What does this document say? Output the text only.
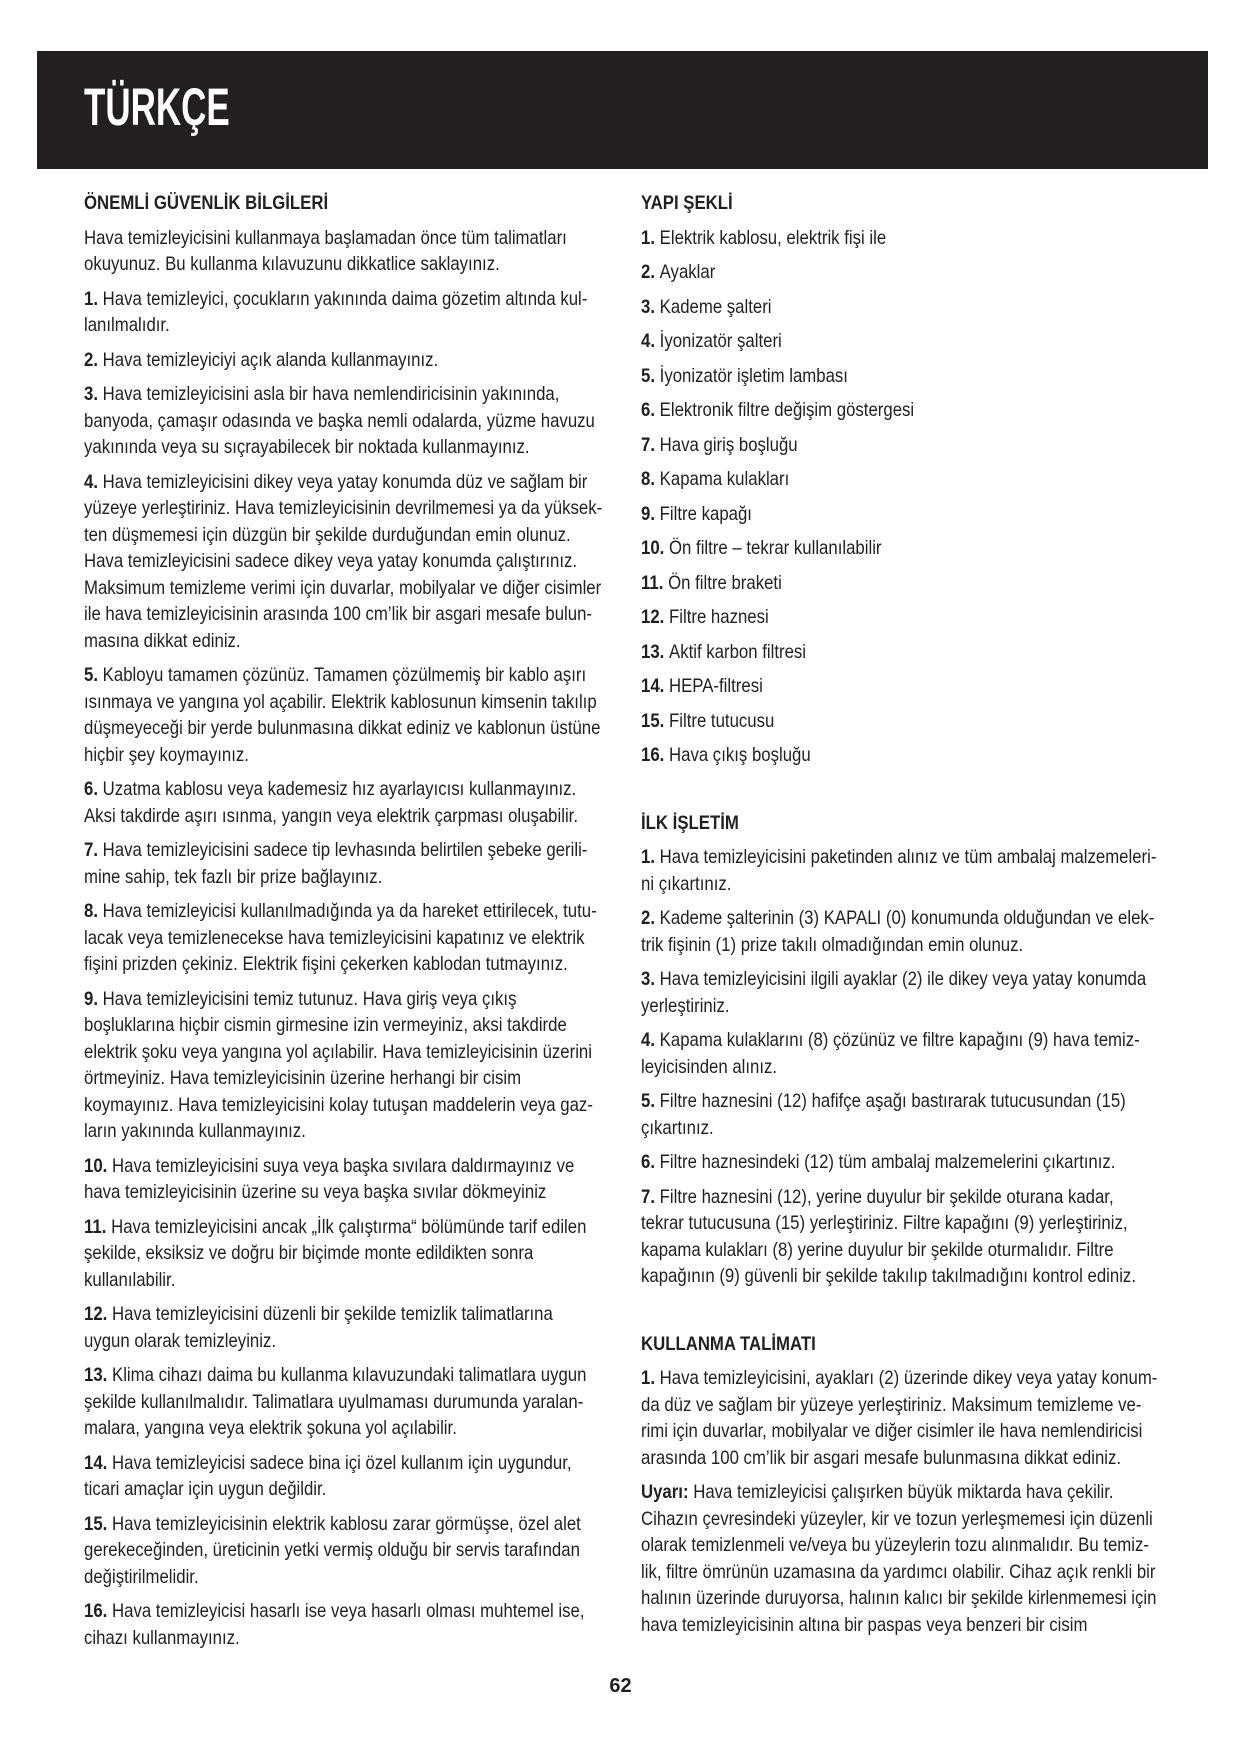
TÜRKÇE
ÖNEMLİ GÜVENLİK BİLGİLERİ
Hava temizleyicisini kullanmaya başlamadan önce tüm talimatları
okuyunuz. Bu kullanma kılavuzunu dikkatlice saklayınız.
1. Hava temizleyici, çocukların yakınında daima gözetim altında kul-
lanılmalıdır.
2. Hava temizleyiciyi açık alanda kullanmayınız.
3. Hava temizleyicisini asla bir hava nemlendiricisinin yakınında,
banyoda, çamaşır odasında ve başka nemli odalarda, yüzme havuzu
yakınında veya su sıçrayabilecek bir noktada kullanmayınız.
4. Hava temizleyicisini dikey veya yatay konumda düz ve sağlam bir
yüzeye yerleştiriniz. Hava temizleyicisinin devrilmemesi ya da yüksek-
ten düşmemesi için düzgün bir şekilde durduğundan emin olunuz.
Hava temizleyicisini sadece dikey veya yatay konumda çalıştırınız.
Maksimum temizleme verimi için duvarlar, mobilyalar ve diğer cisimler
ile hava temizleyicisinin arasında 100 cm’lik bir asgari mesafe bulun-
masına dikkat ediniz.
5. Kabloyu tamamen çözünüz. Tamamen çözülmemiş bir kablo aşırı
ısınmaya ve yangına yol açabilir. Elektrik kablosunun kimsenin takılıp
düşmeyeceği bir yerde bulunmasına dikkat ediniz ve kablonun üstüne
hiçbir şey koymayınız.
6. Uzatma kablosu veya kademesiz hız ayarlayıcısı kullanmayınız.
Aksi takdirde aşırı ısınma, yangın veya elektrik çarpması oluşabilir.
7. Hava temizleyicisini sadece tip levhasında belirtilen şebeke gerili-
mine sahip, tek fazlı bir prize bağlayınız.
8. Hava temizleyicisi kullanılmadığında ya da hareket ettirilecek, tutu-
lacak veya temizlenecekse hava temizleyicisini kapatınız ve elektrik
fişini prizden çekiniz. Elektrik fişini çekerken kablodan tutmayınız.
9. Hava temizleyicisini temiz tutunuz. Hava giriş veya çıkış
boşluklarına hiçbir cismin girmesine izin vermeyiniz, aksi takdirde
elektrik şoku veya yangına yol açılabilir. Hava temizleyicisinin üzerini
örtmeyiniz. Hava temizleyicisinin üzerine herhangi bir cisim
koymayınız. Hava temizleyicisini kolay tutuşan maddelerin veya gaz-
ların yakınında kullanmayınız.
10. Hava temizleyicisini suya veya başka sıvılara daldırmayınız ve
hava temizleyicisinin üzerine su veya başka sıvılar dökmeyiniz
11. Hava temizleyicisini ancak „İlk çalıştırma“ bölümünde tarif edilen
şekilde, eksiksiz ve doğru bir biçimde monte edildikten sonra
kullanılabilir.
12. Hava temizleyicisini düzenli bir şekilde temizlik talimatlarına
uygun olarak temizleyiniz.
13. Klima cihazı daima bu kullanma kılavuzundaki talimatlara uygun
şekilde kullanılmalıdır. Talimatlara uyulmaması durumunda yaralan-
malara, yangına veya elektrik şokuna yol açılabilir.
14. Hava temizleyicisi sadece bina içi özel kullanım için uygundur,
ticari amaçlar için uygun değildir.
15. Hava temizleyicisinin elektrik kablosu zarar görmüşse, özel alet
gerekeceğinden, üreticinin yetki vermiş olduğu bir servis tarafından
değiştirilmelidir.
16. Hava temizleyicisi hasarlı ise veya hasarlı olması muhtemel ise,
cihazı kullanmayınız.
YAPI ŞEKLİ
1. Elektrik kablosu, elektrik fişi ile
2. Ayaklar
3. Kademe şalteri
4. İyonizatör şalteri
5. İyonizatör işletim lambası
6. Elektronik filtre değişim göstergesi
7. Hava giriş boşluğu
8. Kapama kulakları
9. Filtre kapağı
10. Ön filtre – tekrar kullanılabilir
11. Ön filtre braketi
12. Filtre haznesi
13. Aktif karbon filtresi
14. HEPA-filtresi
15. Filtre tutucusu
16. Hava çıkış boşluğu
İLK İŞLETİM
1. Hava temizleyicisini paketinden alınız ve tüm ambalaj malzemeleri-
ni çıkartınız.
2. Kademe şalterinin (3) KAPALI (0) konumunda olduğundan ve elek-
trik fişinin (1) prize takılı olmadığından emin olunuz.
3. Hava temizleyicisini ilgili ayaklar (2) ile dikey veya yatay konumda
yerleştiriniz.
4. Kapama kulaklarını (8) çözünüz ve filtre kapağını (9) hava temiz-
leyicisinden alınız.
5. Filtre haznesini (12) hafifçe aşağı bastırarak tutucusundan (15)
çıkartınız.
6. Filtre haznesindeki (12) tüm ambalaj malzemelerini çıkartınız.
7. Filtre haznesini (12), yerine duyulur bir şekilde oturana kadar,
tekrar tutucusuna (15) yerleştiriniz. Filtre kapağını (9) yerleştiriniz,
kapama kulakları (8) yerine duyulur bir şekilde oturmalıdır. Filtre
kapağının (9) güvenli bir şekilde takılıp takılmadığını kontrol ediniz.
KULLANMA TALİMATI
1. Hava temizleyicisini, ayakları (2) üzerinde dikey veya yatay konum-
da düz ve sağlam bir yüzeye yerleştiriniz. Maksimum temizleme ve-
rimi için duvarlar, mobilyalar ve diğer cisimler ile hava nemlendiricisi
arasında 100 cm’lik bir asgari mesafe bulunmasına dikkat ediniz.
Uyarı: Hava temizleyicisi çalışırken büyük miktarda hava çekilir.
Cihazın çevresindeki yüzeyler, kir ve tozun yerleşmemesi için düzenli
olarak temizlenmeli ve/veya bu yüzeylerin tozu alınmalıdır. Bu temiz-
lik, filtre ömrünün uzamasına da yardımcı olabilir. Cihaz açık renkli bir
halının üzerinde duruyorsa, halının kalıcı bir şekilde kirlenmemesi için
hava temizleyicisinin altına bir paspas veya benzeri bir cisim
62
